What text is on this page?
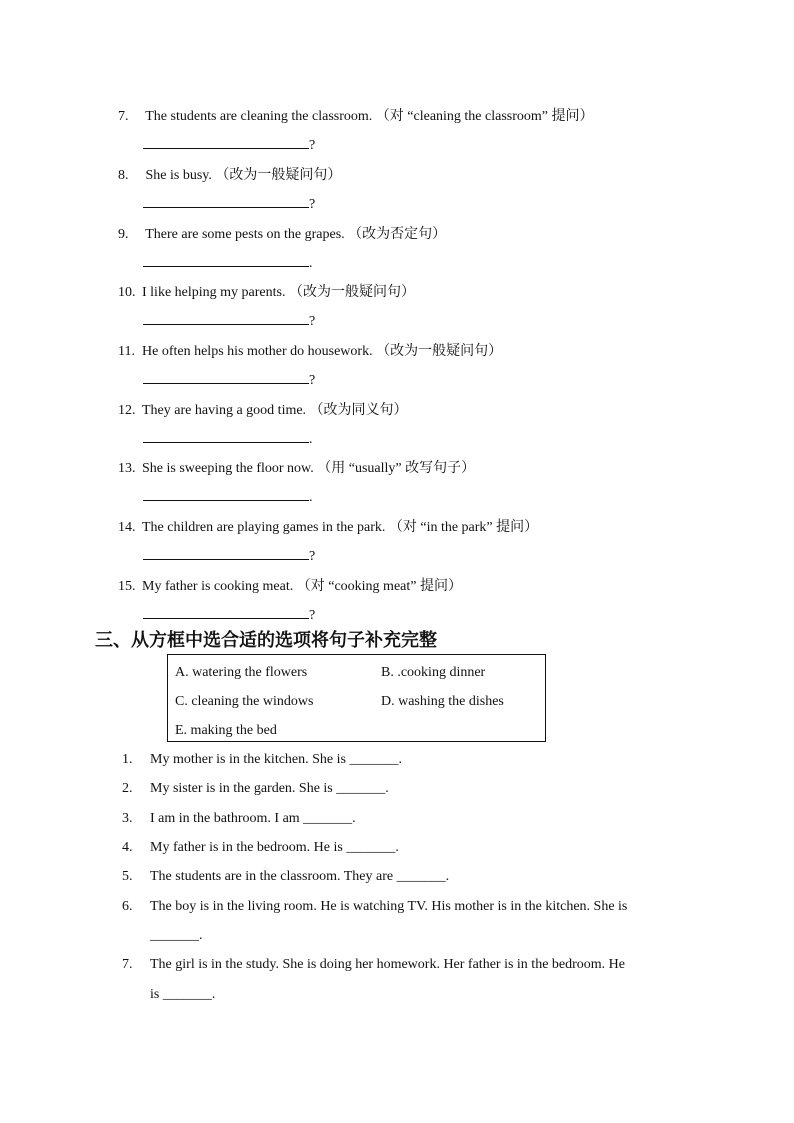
7. The students are cleaning the classroom. （对 “cleaning the classroom” 提问）
?
8. She is busy. （改为一般疑问句）
?
9. There are some pests on the grapes. （改为否定句）
.
10. I like helping my parents. （改为一般疑问句）
?
11. He often helps his mother do housework. （改为一般疑问句）
?
12. They are having a good time. （改为同义句）
.
13. She is sweeping the floor now. （用 “usually” 改写句子）
.
14. The children are playing games in the park. （对 “in the park” 提问）
?
15. My father is cooking meat. （对 “cooking meat” 提问）
?
三、从方框中选合适的选项将句子补充完整
A. watering the flowers	B. .cooking dinner
C. cleaning the windows	D. washing the dishes
E. making the bed
1. My mother is in the kitchen. She is _______.
2. My sister is in the garden. She is _______.
3. I am in the bathroom. I am _______.
4. My father is in the bedroom. He is _______.
5. The students are in the classroom. They are _______.
6. The boy is in the living room. He is watching TV. His mother is in the kitchen. She is
_______.
7. The girl is in the study. She is doing her homework. Her father is in the bedroom. He
is _______.
